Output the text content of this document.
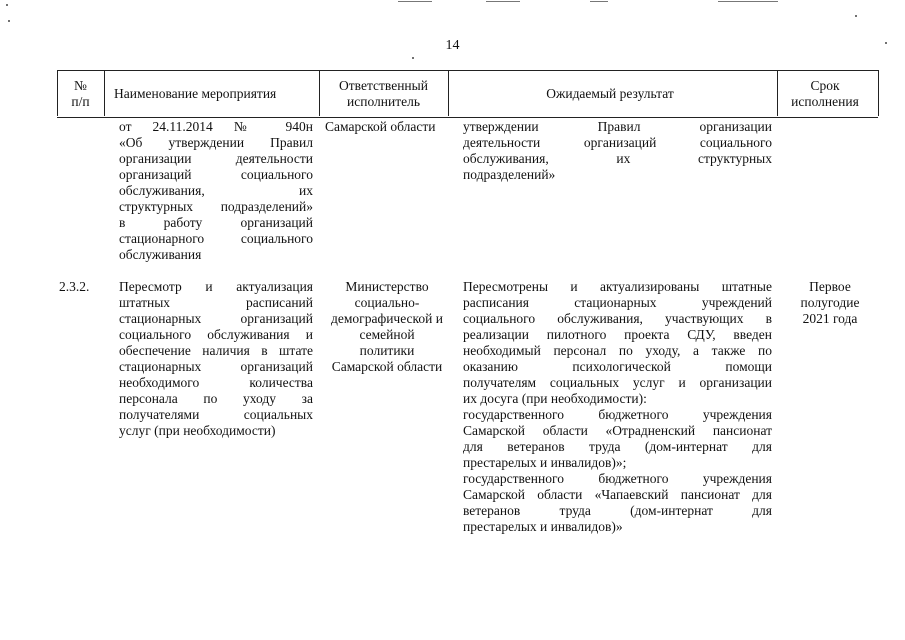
14
№
п/п
Наименование мероприятия
Ответственный
исполнитель
Ожидаемый результат
Срок
исполнения
от 24.11.2014 № 940н
«Об утверждении Правил
организации деятельности
организаций социального
обслуживания, их
структурных подразделений»
в работу организаций
стационарного социального
обслуживания
Самарской области	утверждении Правил организации
деятельности организаций социального
обслуживания, их структурных
подразделений»
2.3.2.	Пересмотр и актуализация
штатных расписаний
стационарных организаций
социального обслуживания и
обеспечение наличия в штате
стационарных организаций
необходимого количества
персонала по уходу за
получателями социальных
услуг (при необходимости)
Министерство
социально-
демографической и
семейной
политики
Самарской области
Пересмотрены и актуализированы штатные
расписания стационарных учреждений
социального обслуживания, участвующих в
реализации пилотного проекта СДУ, введен
необходимый персонал по уходу, а также по
оказанию психологической помощи
получателям социальных услуг и организации
их досуга (при необходимости):
государственного бюджетного учреждения
Самарской области «Отрадненский пансионат
для ветеранов труда (дом-интернат для
престарелых и инвалидов)»;
государственного бюджетного учреждения
Самарской области «Чапаевский пансионат для
ветеранов труда (дом-интернат для
престарелых и инвалидов)»
Первое
полугодие
2021 года
